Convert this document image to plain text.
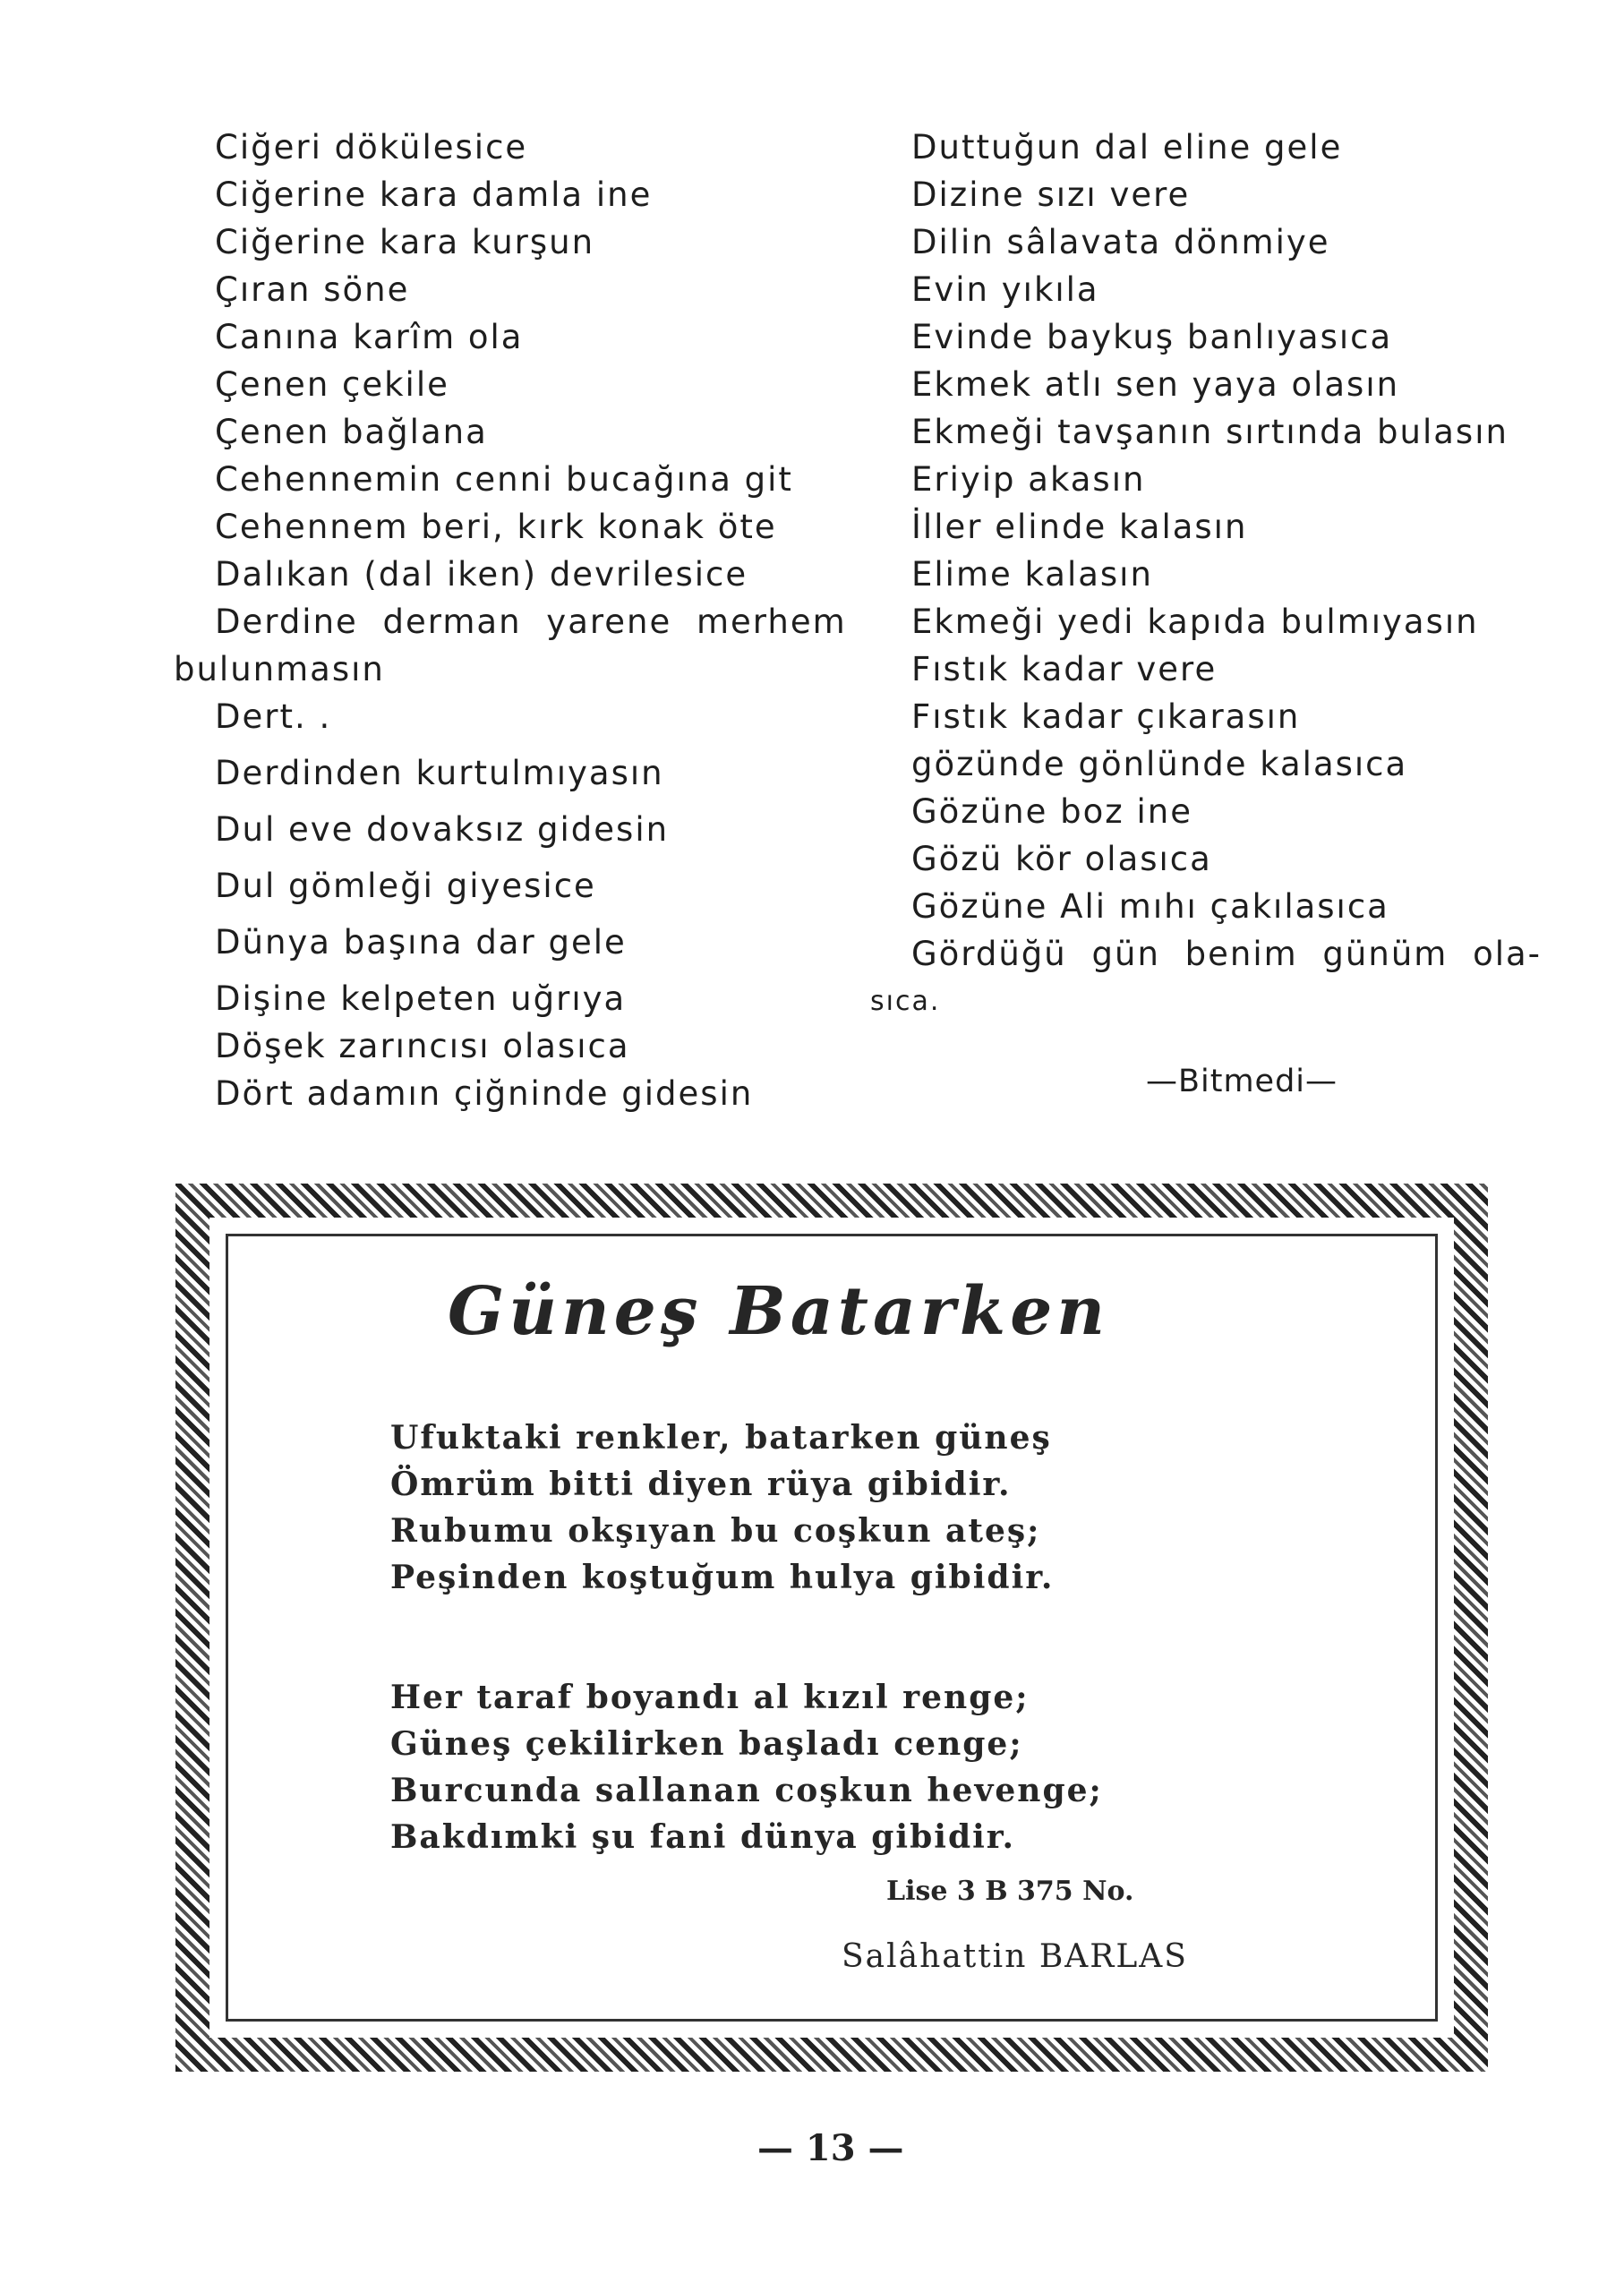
Ciğeri dökülesice
Ciğerine kara damla ine
Ciğerine kara kurşun
Çıran söne
Canına karîm ola
Çenen çekile
Çenen bağlana
Cehennemin cenni bucağına git
Cehennem beri, kırk konak öte
Dalıkan (dal iken) devrilesice
Derdine derman yarene merhem
bulunmasın
Dert. .
Derdinden kurtulmıyasın
Dul eve dovaksız gidesin
Dul gömleği giyesice
Dünya başına dar gele
Dişine kelpeten uğrıya
Döşek zarıncısı olasıca
Dört adamın çiğninde gidesin
Duttuğun dal eline gele
Dizine sızı vere
Dilin sâlavata dönmiye
Evin yıkıla
Evinde baykuş banlıyasıca
Ekmek atlı sen yaya olasın
Ekmeği tavşanın sırtında bulasın
Eriyip akasın
İller elinde kalasın
Elime kalasın
Ekmeği yedi kapıda bulmıyasın
Fıstık kadar vere
Fıstık kadar çıkarasın
gözünde gönlünde kalasıca
Gözüne boz ine
Gözü kör olasıca
Gözüne Ali mıhı çakılasıca
Gördüğü gün benim günüm ola-
sıca.
—Bitmedi—
Güneş Batarken
Ufuktaki renkler, batarken güneş
Ömrüm bitti diyen rüya gibidir.
Rubumu okşıyan bu coşkun ateş;
Peşinden koştuğum hulya gibidir.
Her taraf boyandı al kızıl renge;
Güneş çekilirken başladı cenge;
Burcunda sallanan coşkun hevenge;
Bakdımki şu fani dünya gibidir.
Lise 3 B 375 No.
Salâhattin BARLAS
— 13 —
